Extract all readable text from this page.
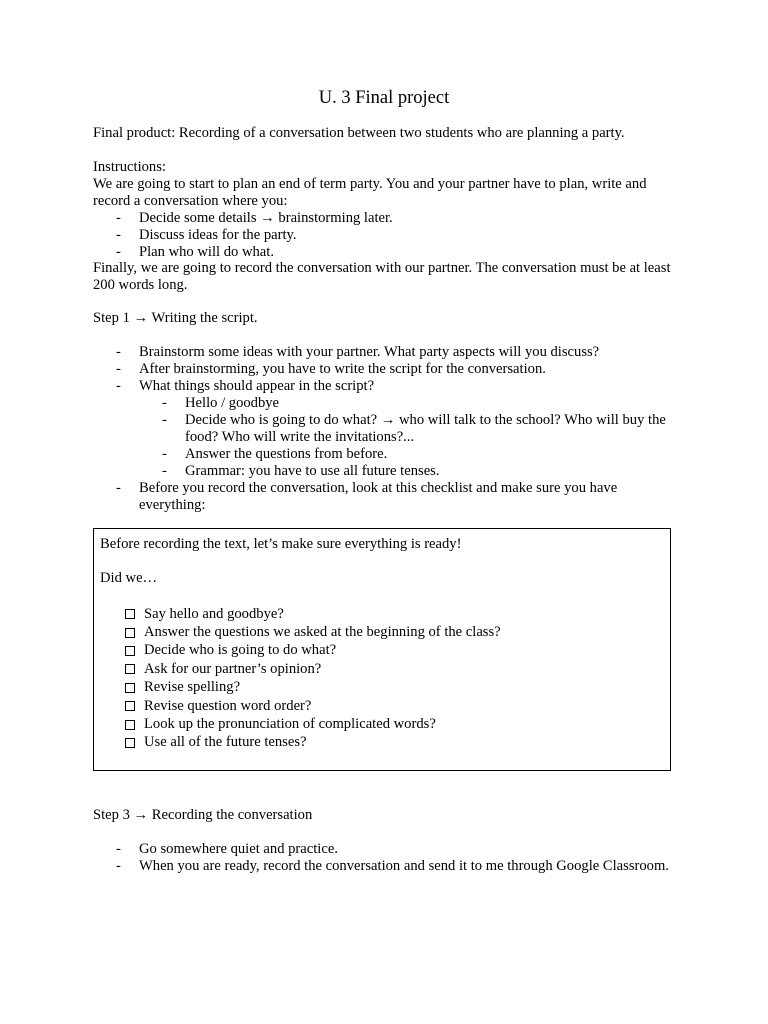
U. 3 Final project
Final product: Recording of a conversation between two students who are planning a party.
Instructions:
We are going to start to plan an end of term party. You and your partner have to plan, write and record a conversation where you:
- Decide some details → brainstorming later.
- Discuss ideas for the party.
- Plan who will do what.
Finally, we are going to record the conversation with our partner. The conversation must be at least 200 words long.
Step 1 → Writing the script.
- Brainstorm some ideas with your partner. What party aspects will you discuss?
- After brainstorming, you have to write the script for the conversation.
- What things should appear in the script?
- Hello / goodbye
- Decide who is going to do what? → who will talk to the school? Who will buy the food? Who will write the invitations?...
- Answer the questions from before.
- Grammar: you have to use all future tenses.
- Before you record the conversation, look at this checklist and make sure you have everything:
Before recording the text, let’s make sure everything is ready!
Did we…
Say hello and goodbye?
Answer the questions we asked at the beginning of the class?
Decide who is going to do what?
Ask for our partner’s opinion?
Revise spelling?
Revise question word order?
Look up the pronunciation of complicated words?
Use all of the future tenses?
Step 3 → Recording the conversation
- Go somewhere quiet and practice.
- When you are ready, record the conversation and send it to me through Google Classroom.
